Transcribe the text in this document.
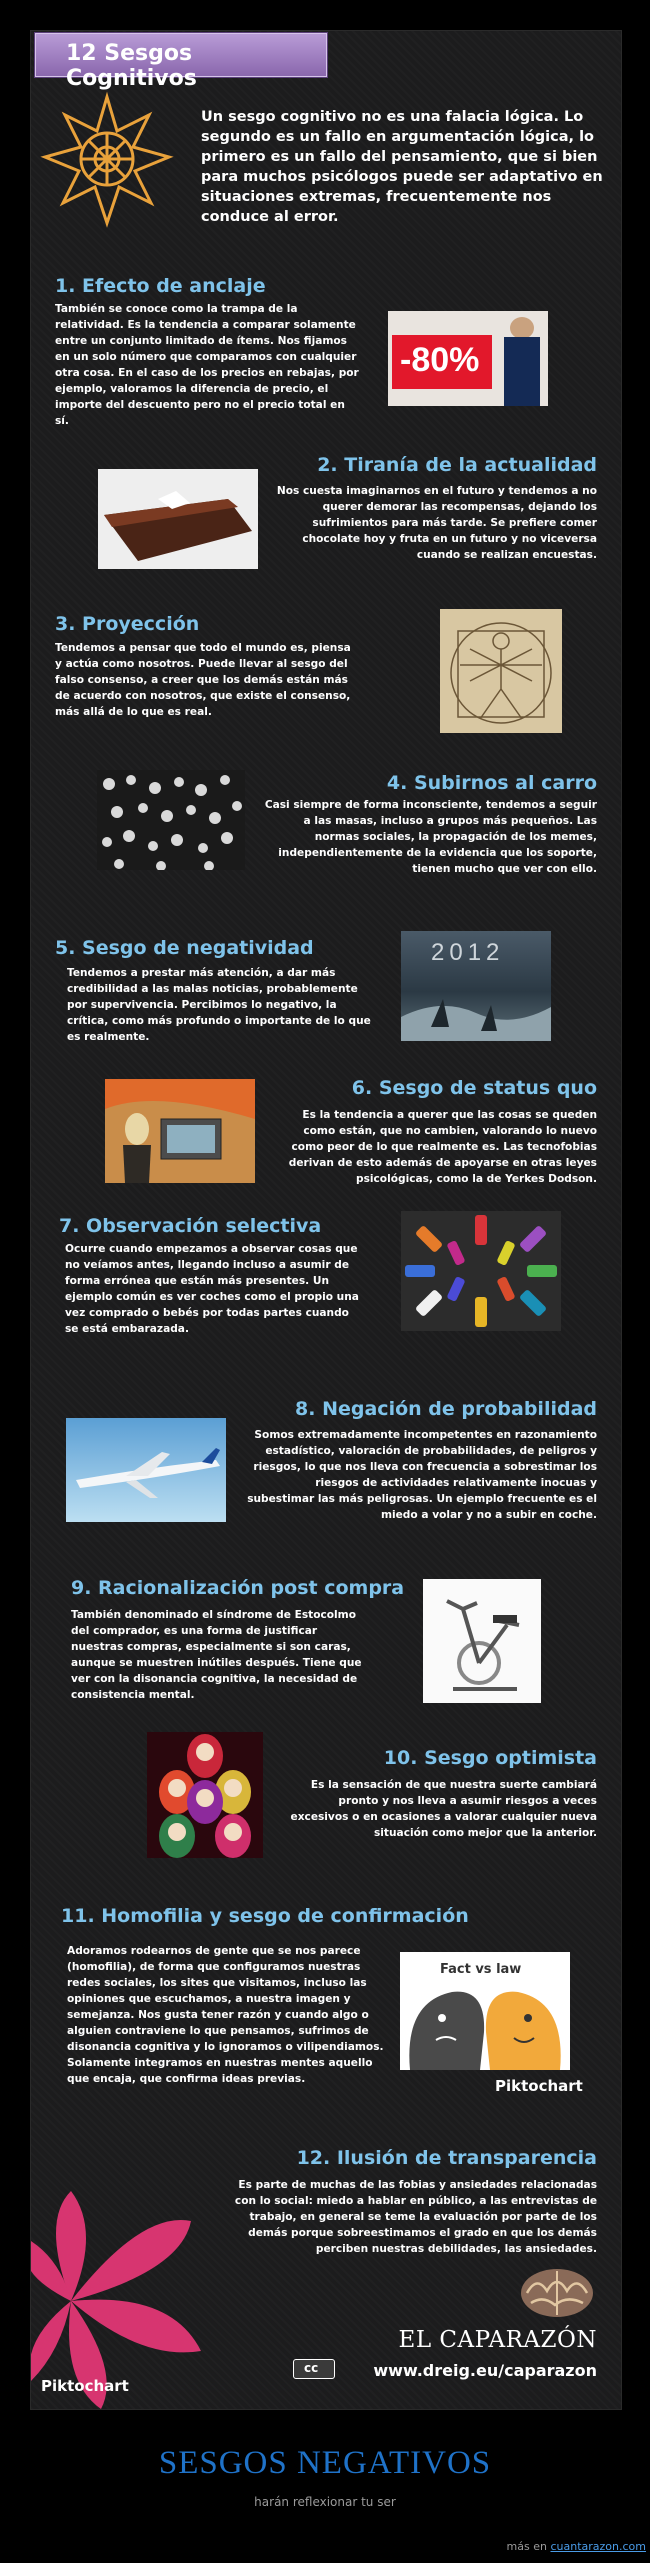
12 Sesgos Cognitivos
Un sesgo cognitivo no es una falacia lógica. Lo segundo es un fallo en argumentación lógica, lo primero es un fallo del pensamiento, que si bien para muchos psicólogos puede ser adaptativo en situaciones extremas, frecuentemente nos conduce al error.
1. Efecto de anclaje
También se conoce como la trampa de la relatividad. Es la tendencia a comparar solamente entre un conjunto limitado de ítems. Nos fijamos en un solo número que comparamos con cualquier otra cosa. En el caso de los precios en rebajas, por ejemplo, valoramos la diferencia de precio, el importe del descuento pero no el precio total en sí.
-80%
2. Tiranía de la actualidad
Nos cuesta imaginarnos en el futuro y tendemos a no querer demorar las recompensas, dejando los sufrimientos para más tarde. Se prefiere comer chocolate hoy y fruta en un futuro y no viceversa cuando se realizan encuestas.
3. Proyección
Tendemos a pensar que todo el mundo es, piensa y actúa como nosotros. Puede llevar al sesgo del falso consenso, a creer que los demás están más de acuerdo con nosotros, que existe el consenso, más allá de lo que es real.
4. Subirnos al carro
Casi siempre de forma inconsciente, tendemos a seguir a las masas, incluso a grupos más pequeños. Las normas sociales, la propagación de los memes, independientemente de la evidencia que los soporte, tienen mucho que ver con ello.
5. Sesgo de negatividad
Tendemos a prestar más atención, a dar más credibilidad a las malas noticias, probablemente por supervivencia. Percibimos lo negativo, la crítica, como más profundo o importante de lo que es realmente.
2012
6. Sesgo de status quo
Es la tendencia a querer que las cosas se queden como están, que no cambien, valorando lo nuevo como peor de lo que realmente es. Las tecnofobias derivan de esto además de apoyarse en otras leyes psicológicas, como la de Yerkes Dodson.
7. Observación selectiva
Ocurre cuando empezamos a observar cosas que no veíamos antes, llegando incluso a asumir de forma errónea que están más presentes. Un ejemplo común es ver coches como el propio una vez comprado o bebés por todas partes cuando se está embarazada.
8. Negación de probabilidad
Somos extremadamente incompetentes en razonamiento estadístico, valoración de probabilidades, de peligros y riesgos, lo que nos lleva con frecuencia a sobrestimar los riesgos de actividades relativamente inocuas y subestimar las más peligrosas. Un ejemplo frecuente es el miedo a volar y no a subir en coche.
9. Racionalización post compra
También denominado el síndrome de Estocolmo del comprador, es una forma de justificar nuestras compras, especialmente si son caras, aunque se muestren inútiles después. Tiene que ver con la disonancia cognitiva, la necesidad de consistencia mental.
10. Sesgo optimista
Es la sensación de que nuestra suerte cambiará pronto y nos lleva a asumir riesgos a veces excesivos o en ocasiones a valorar cualquier nueva situación como mejor que la anterior.
11. Homofilia y sesgo de confirmación
Adoramos rodearnos de gente que se nos parece (homofilia), de forma que configuramos nuestras redes sociales, los sites que visitamos, incluso las opiniones que escuchamos, a nuestra imagen y semejanza. Nos gusta tener razón y cuando algo o alguien contraviene lo que pensamos, sufrimos de disonancia cognitiva y lo ignoramos o vilipendiamos. Solamente integramos en nuestras mentes aquello que encaja, que confirma ideas previas.
Fact vs law
Piktochart
12. Ilusión de transparencia
Es parte de muchas de las fobias y ansiedades relacionadas con lo social: miedo a hablar en público, a las entrevistas de trabajo, en general se teme la evaluación por parte de los demás porque sobreestimamos el grado en que los demás perciben nuestras debilidades, las ansiedades.
EL CAPARAZÓN
cc	www.dreig.eu/caparazon
Piktochart
SESGOS NEGATIVOS
harán reflexionar tu ser
más en cuantarazon.com
